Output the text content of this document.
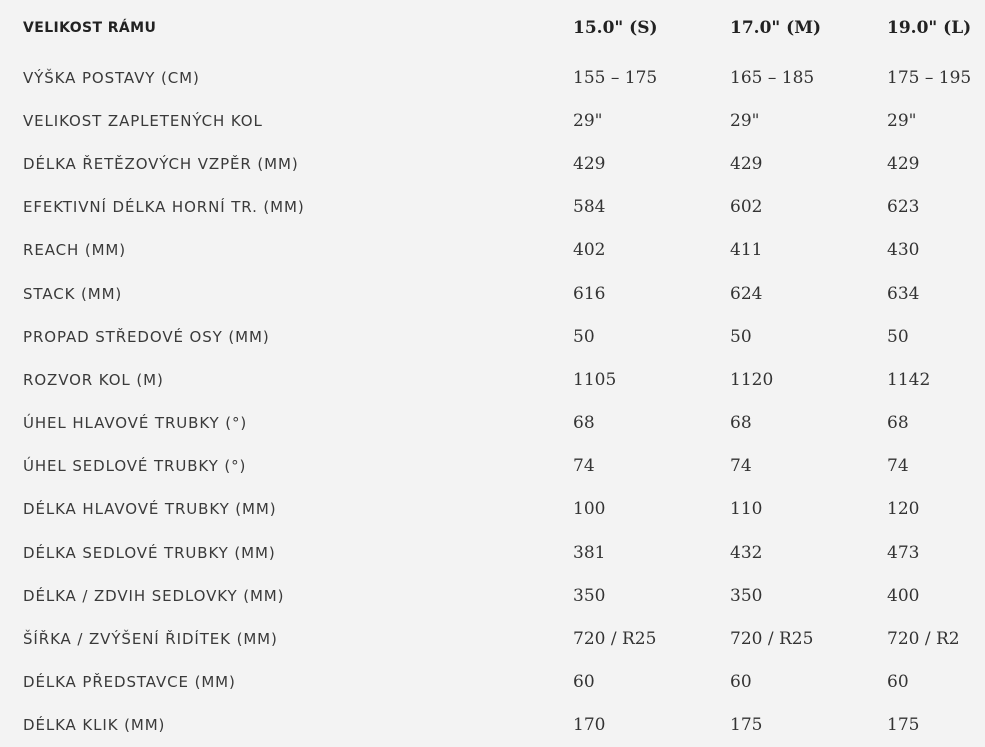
VELIKOST RÁMU	15.0" (S)	17.0" (M)	19.0" (L)
VÝŠKA POSTAVY (CM)	155 – 175	165 – 185	175 – 195
VELIKOST ZAPLETENÝCH KOL	29"	29"	29"
DÉLKA ŘETĚZOVÝCH VZPĚR (MM)	429	429	429
EFEKTIVNÍ DÉLKA HORNÍ TR. (MM)	584	602	623
REACH (MM)	402	411	430
STACK (MM)	616	624	634
PROPAD STŘEDOVÉ OSY (MM)	50	50	50
ROZVOR KOL (M)	1105	1120	1142
ÚHEL HLAVOVÉ TRUBKY (°)	68	68	68
ÚHEL SEDLOVÉ TRUBKY (°)	74	74	74
DÉLKA HLAVOVÉ TRUBKY (MM)	100	110	120
DÉLKA SEDLOVÉ TRUBKY (MM)	381	432	473
DÉLKA / ZDVIH SEDLOVKY (MM)	350	350	400
ŠÍŘKA / ZVÝŠENÍ ŘIDÍTEK (MM)	720 / R25	720 / R25	720 / R2
DÉLKA PŘEDSTAVCE (MM)	60	60	60
DÉLKA KLIK (MM)	170	175	175
